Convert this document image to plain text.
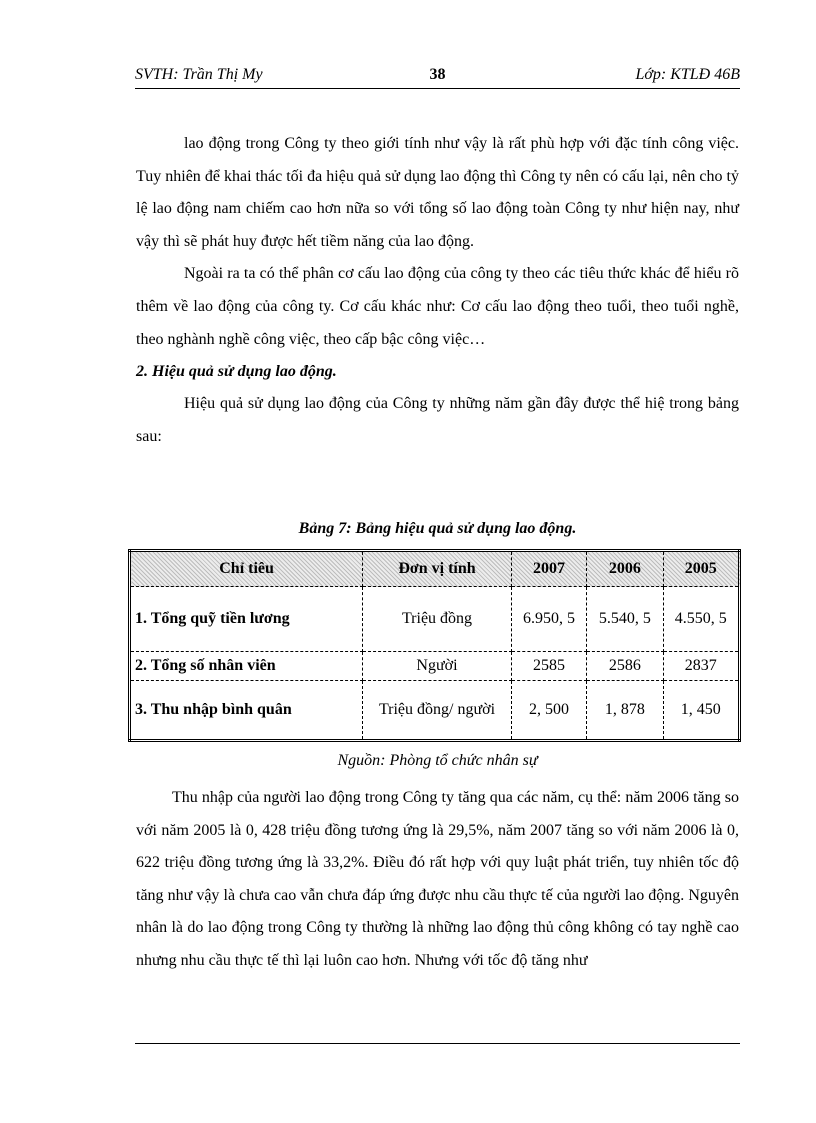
SVTH: Trần Thị My	38	Lớp: KTLĐ 46B

lao động trong Công ty theo giới tính như vậy là rất phù hợp với đặc tính công việc. Tuy nhiên để khai thác tối đa hiệu quả sử dụng lao động thì Công ty nên có cấu lại, nên cho tỷ lệ lao động nam chiếm cao hơn nữa so với tổng số lao động toàn Công ty như hiện nay, như vậy thì sẽ phát huy được hết tiềm năng của lao động.

Ngoài ra ta có thể phân cơ cấu lao động của công ty theo các tiêu thức khác để hiểu rõ thêm về lao động của công ty. Cơ cấu khác như: Cơ cấu lao động theo tuổi, theo tuổi nghề, theo nghành nghề công việc, theo cấp bậc công việc…

2. Hiệu quả sử dụng lao động.

Hiệu quả sử dụng lao động của Công ty những năm gần đây được thể hiệ trong bảng sau:

Bảng 7: Bảng hiệu quả sử dụng lao động.
Chỉ tiêu	Đơn vị tính	2007	2006	2005
1. Tổng quỹ tiền lương	Triệu đồng	6.950, 5	5.540, 5	4.550, 5
2. Tổng số nhân viên	Người	2585	2586	2837
3. Thu nhập bình quân	Triệu đồng/ người	2, 500	1, 878	1, 450
Nguồn: Phòng tổ chức nhân sự

Thu nhập của người lao động trong Công ty tăng qua các năm, cụ thể: năm 2006 tăng so với năm 2005 là 0, 428 triệu đồng tương ứng là 29,5%, năm 2007 tăng so với năm 2006 là 0, 622 triệu đồng tương ứng là 33,2%. Điều đó rất hợp với quy luật phát triển, tuy nhiên tốc độ tăng như vậy là chưa cao vẫn chưa đáp ứng được nhu cầu thực tế của người lao động. Nguyên nhân là do lao động trong Công ty thường là những lao động thủ công không có tay nghề cao nhưng nhu cầu thực tế thì lại luôn cao hơn. Nhưng với tốc độ tăng như
